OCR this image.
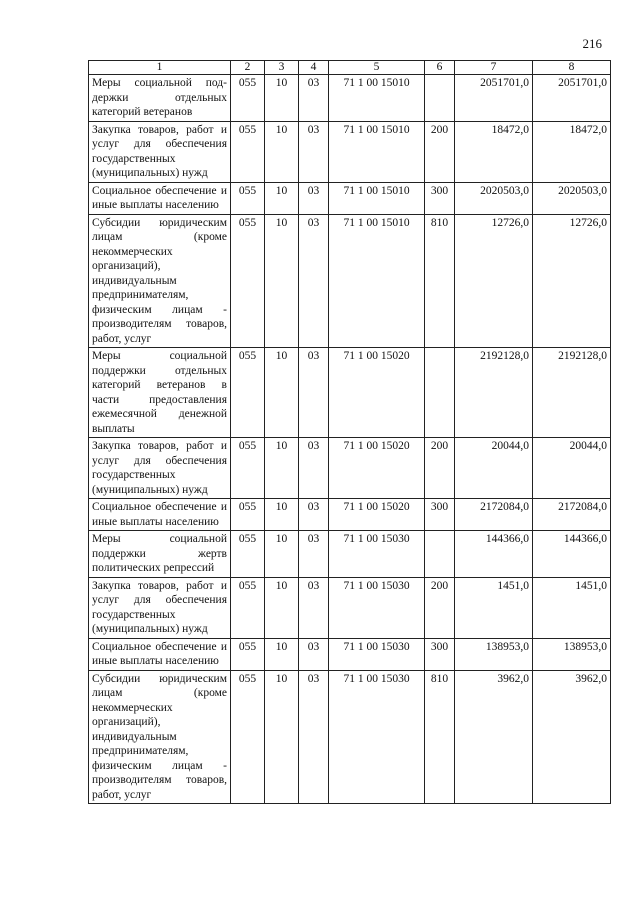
216
1	2	3	4	5	6	7	8
Меры социальной под-держки отдельных категорий ветеранов	055	10	03	71 1 00 15010		2051701,0	2051701,0
Закупка товаров, работ и услуг для обеспечения государственных (муниципальных) нужд	055	10	03	71 1 00 15010	200	18472,0	18472,0
Социальное обеспечение и иные выплаты населению	055	10	03	71 1 00 15010	300	2020503,0	2020503,0
Субсидии юридическим лицам (кроме некоммерческих организаций), индивидуальным предпринимателям, физическим лицам - производителям товаров, работ, услуг	055	10	03	71 1 00 15010	810	12726,0	12726,0
Меры социальной поддержки отдельных категорий ветеранов в части предоставления ежемесячной денежной выплаты	055	10	03	71 1 00 15020		2192128,0	2192128,0
Закупка товаров, работ и услуг для обеспечения государственных (муниципальных) нужд	055	10	03	71 1 00 15020	200	20044,0	20044,0
Социальное обеспечение и иные выплаты населению	055	10	03	71 1 00 15020	300	2172084,0	2172084,0
Меры социальной поддержки жертв политических репрессий	055	10	03	71 1 00 15030		144366,0	144366,0
Закупка товаров, работ и услуг для обеспечения государственных (муниципальных) нужд	055	10	03	71 1 00 15030	200	1451,0	1451,0
Социальное обеспечение и иные выплаты населению	055	10	03	71 1 00 15030	300	138953,0	138953,0
Субсидии юридическим лицам (кроме некоммерческих организаций), индивидуальным предпринимателям, физическим лицам - производителям товаров, работ, услуг	055	10	03	71 1 00 15030	810	3962,0	3962,0
